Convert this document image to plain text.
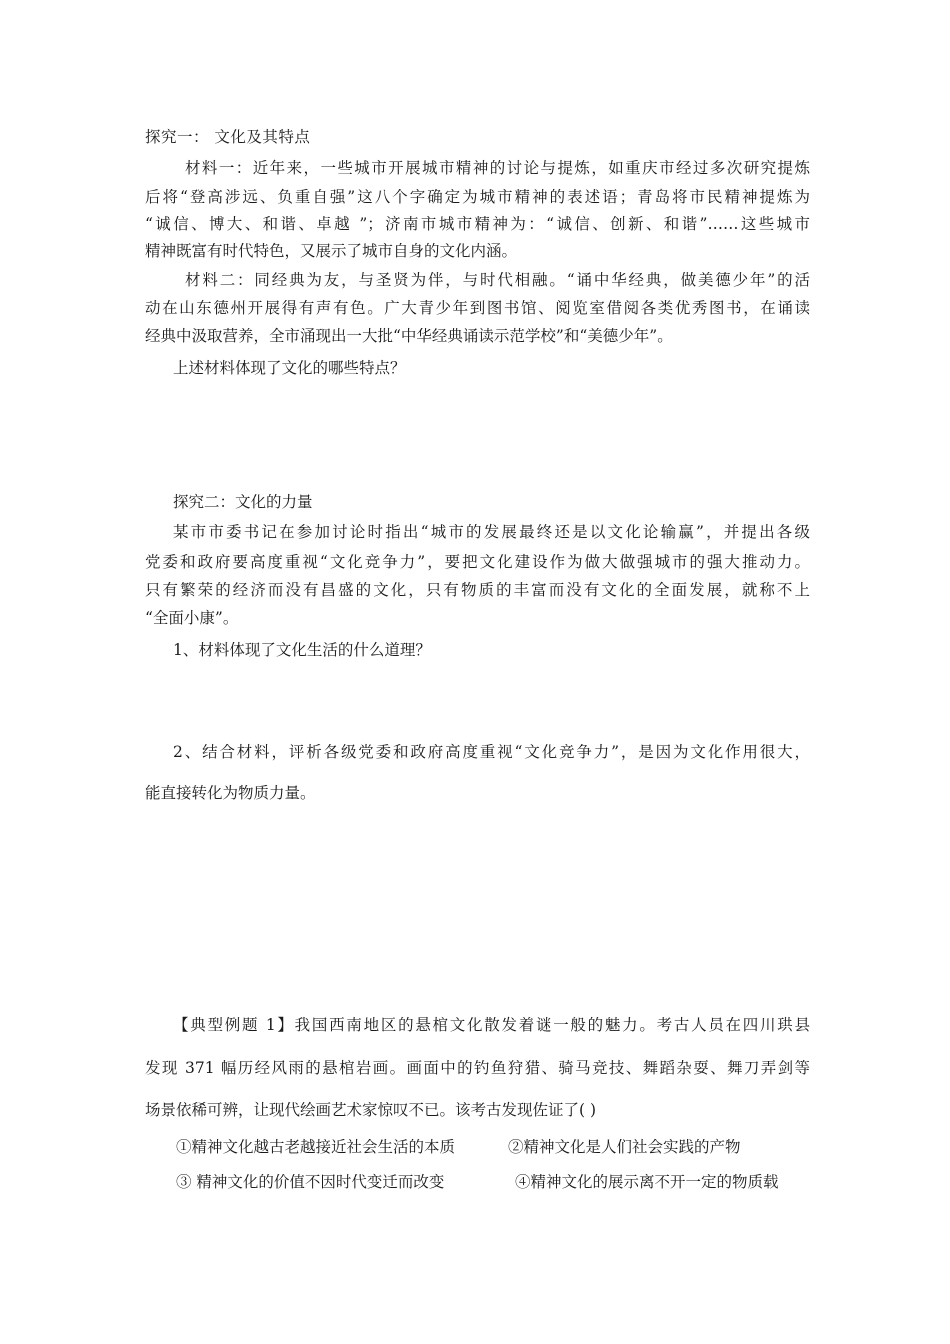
探究一： 文化及其特点
材料一：近年来，一些城市开展城市精神的讨论与提炼，如重庆市经过多次研究提炼
后将“登高涉远、负重自强”这八个字确定为城市精神的表述语；青岛将市民精神提炼为
“诚信、博大、和谐、卓越 ”；济南市城市精神为：“诚信、创新、和谐”……这些城市
精神既富有时代特色，又展示了城市自身的文化内涵。
材料二：同经典为友，与圣贤为伴，与时代相融。“诵中华经典，做美德少年”的活
动在山东德州开展得有声有色。广大青少年到图书馆、阅览室借阅各类优秀图书，在诵读
经典中汲取营养，全市涌现出一大批“中华经典诵读示范学校”和“美德少年”。
上述材料体现了文化的哪些特点？
探究二：文化的力量
某市市委书记在参加讨论时指出“城市的发展最终还是以文化论输赢”，并提出各级
党委和政府要高度重视“文化竞争力”，要把文化建设作为做大做强城市的强大推动力。
只有繁荣的经济而没有昌盛的文化，只有物质的丰富而没有文化的全面发展，就称不上
“全面小康”。
1、材料体现了文化生活的什么道理？
2、结合材料，评析各级党委和政府高度重视“文化竞争力”，是因为文化作用很大，
能直接转化为物质力量。
【典型例题 1】我国西南地区的悬棺文化散发着谜一般的魅力。考古人员在四川珙县
发现 371 幅历经风雨的悬棺岩画。画面中的钓鱼狩猎、骑马竞技、舞蹈杂耍、舞刀弄剑等
场景依稀可辨，让现代绘画艺术家惊叹不已。该考古发现佐证了( )
①精神文化越古老越接近社会生活的本质	②精神文化是人们社会实践的产物
③ 精神文化的价值不因时代变迁而改变	④精神文化的展示离不开一定的物质载
